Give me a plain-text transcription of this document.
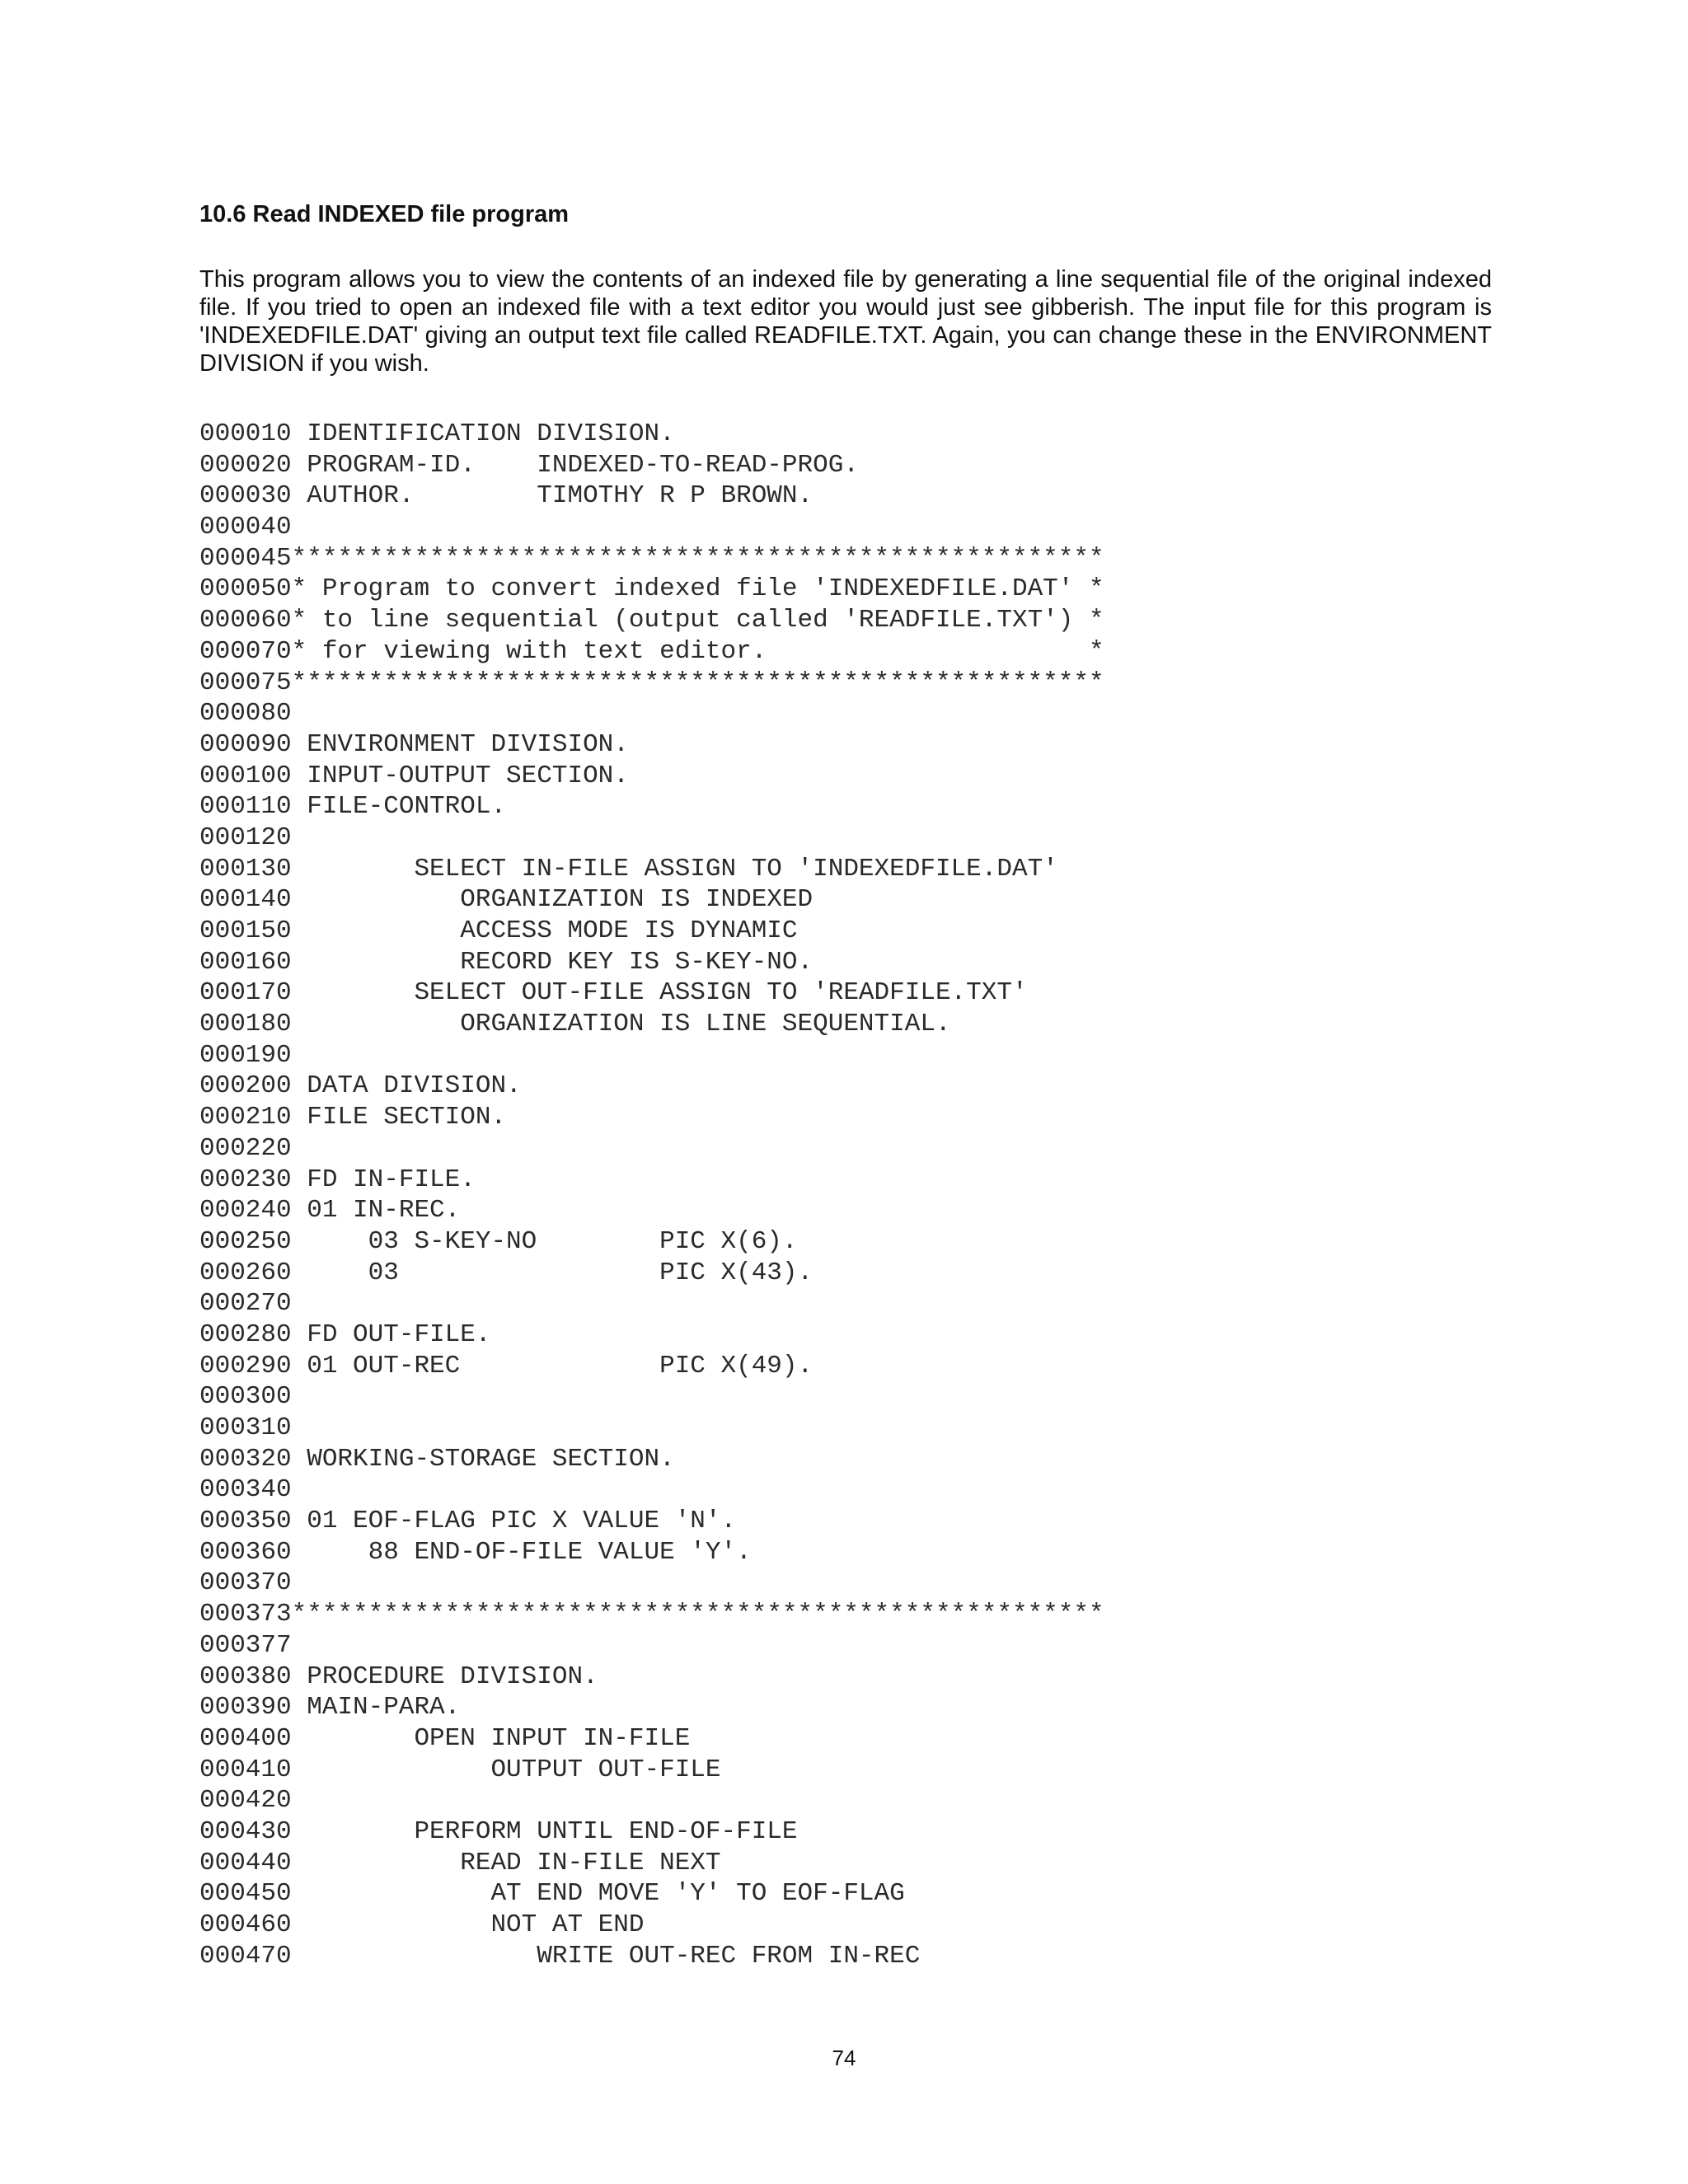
10.6 Read INDEXED file program

This program allows you to view the contents of an indexed file by generating a line sequential file of the original indexed file. If you tried to open an indexed file with a text editor you would just see gibberish. The input file for this program is 'INDEXEDFILE.DAT' giving an output text file called READFILE.TXT. Again, you can change these in the ENVIRONMENT DIVISION if you wish.

000010 IDENTIFICATION DIVISION.
000020 PROGRAM-ID.    INDEXED-TO-READ-PROG.
000030 AUTHOR.        TIMOTHY R P BROWN.
000040
000045*****************************************************
000050* Program to convert indexed file 'INDEXEDFILE.DAT' *
000060* to line sequential (output called 'READFILE.TXT') *
000070* for viewing with text editor.                     *
000075*****************************************************
000080
000090 ENVIRONMENT DIVISION.
000100 INPUT-OUTPUT SECTION.
000110 FILE-CONTROL.
000120
000130        SELECT IN-FILE ASSIGN TO 'INDEXEDFILE.DAT'
000140           ORGANIZATION IS INDEXED
000150           ACCESS MODE IS DYNAMIC
000160           RECORD KEY IS S-KEY-NO.
000170        SELECT OUT-FILE ASSIGN TO 'READFILE.TXT'
000180           ORGANIZATION IS LINE SEQUENTIAL.
000190
000200 DATA DIVISION.
000210 FILE SECTION.
000220
000230 FD IN-FILE.
000240 01 IN-REC.
000250     03 S-KEY-NO        PIC X(6).
000260     03                 PIC X(43).
000270
000280 FD OUT-FILE.
000290 01 OUT-REC             PIC X(49).
000300
000310
000320 WORKING-STORAGE SECTION.
000340
000350 01 EOF-FLAG PIC X VALUE 'N'.
000360     88 END-OF-FILE VALUE 'Y'.
000370
000373*****************************************************
000377
000380 PROCEDURE DIVISION.
000390 MAIN-PARA.
000400        OPEN INPUT IN-FILE
000410             OUTPUT OUT-FILE
000420
000430        PERFORM UNTIL END-OF-FILE
000440           READ IN-FILE NEXT
000450             AT END MOVE 'Y' TO EOF-FLAG
000460             NOT AT END
000470                WRITE OUT-REC FROM IN-REC
74
